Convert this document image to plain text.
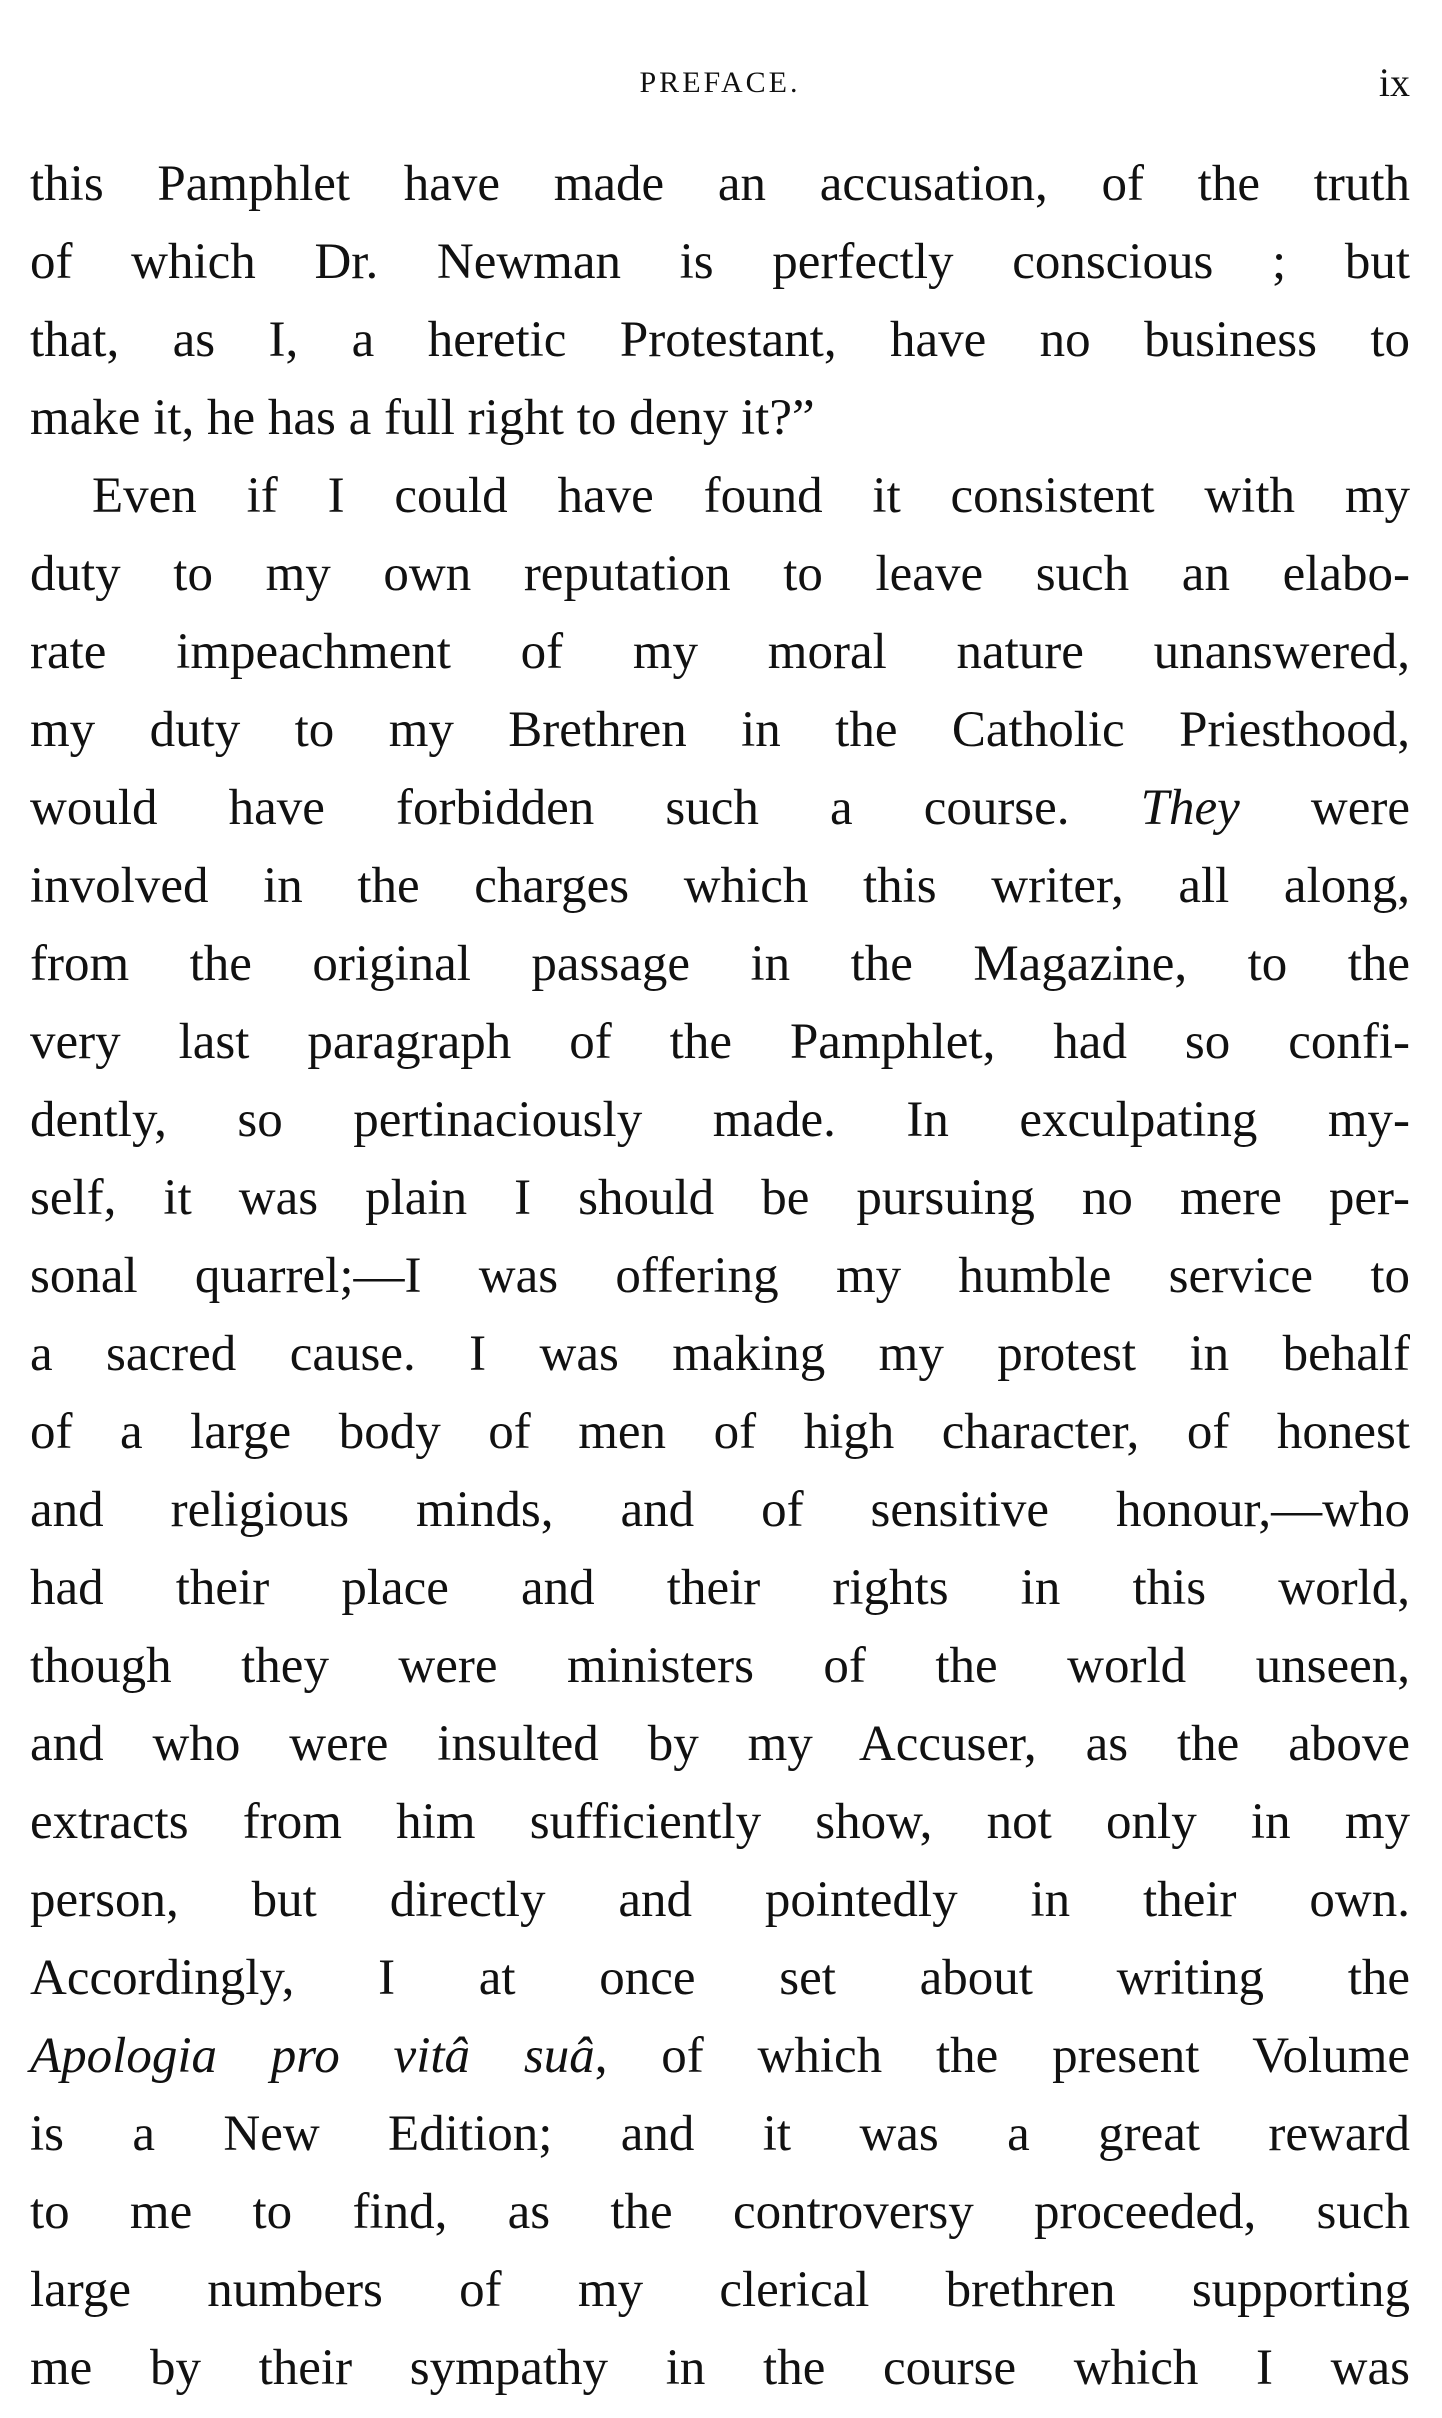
PREFACE.	ix
this Pamphlet have made an accusation, of the truth
of which Dr. Newman is perfectly conscious ; but
that, as I, a heretic Protestant, have no business to
make it, he has a full right to deny it?”
Even if I could have found it consistent with my
duty to my own reputation to leave such an elabo-
rate impeachment of my moral nature unanswered,
my duty to my Brethren in the Catholic Priesthood,
would have forbidden such a course. They were
involved in the charges which this writer, all along,
from the original passage in the Magazine, to the
very last paragraph of the Pamphlet, had so confi-
dently, so pertinaciously made. In exculpating my-
self, it was plain I should be pursuing no mere per-
sonal quarrel;—I was offering my humble service to
a sacred cause. I was making my protest in behalf
of a large body of men of high character, of honest
and religious minds, and of sensitive honour,—who
had their place and their rights in this world,
though they were ministers of the world unseen,
and who were insulted by my Accuser, as the above
extracts from him sufficiently show, not only in my
person, but directly and pointedly in their own.
Accordingly, I at once set about writing the
Apologia pro vitâ suâ, of which the present Volume
is a New Edition; and it was a great reward
to me to find, as the controversy proceeded, such
large numbers of my clerical brethren supporting
me by their sympathy in the course which I was
